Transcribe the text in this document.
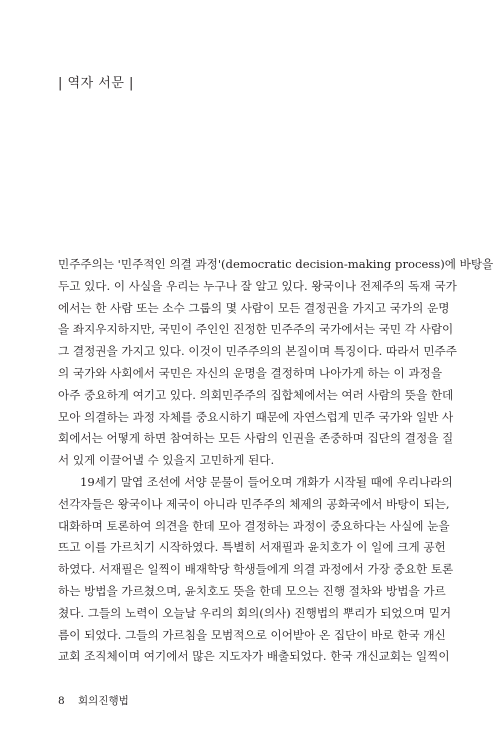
| 역자 서문 |
민주주의는 '민주적인 의결 과정'(democratic decision-making process)에 바탕을
두고 있다. 이 사실을 우리는 누구나 잘 알고 있다. 왕국이나 전제주의 독재 국가
에서는 한 사람 또는 소수 그룹의 몇 사람이 모든 결정권을 가지고 국가의 운명
을 좌지우지하지만, 국민이 주인인 진정한 민주주의 국가에서는 국민 각 사람이
그 결정권을 가지고 있다. 이것이 민주주의의 본질이며 특징이다. 따라서 민주주
의 국가와 사회에서 국민은 자신의 운명을 결정하며 나아가게 하는 이 과정을
아주 중요하게 여기고 있다. 의회민주주의 집합체에서는 여러 사람의 뜻을 한데
모아 의결하는 과정 자체를 중요시하기 때문에 자연스럽게 민주 국가와 일반 사
회에서는 어떻게 하면 참여하는 모든 사람의 인권을 존중하며 집단의 결정을 질
서 있게 이끌어낼 수 있을지 고민하게 된다.
19세기 말엽 조선에 서양 문물이 들어오며 개화가 시작될 때에 우리나라의
선각자들은 왕국이나 제국이 아니라 민주주의 체제의 공화국에서 바탕이 되는,
대화하며 토론하여 의견을 한데 모아 결정하는 과정이 중요하다는 사실에 눈을
뜨고 이를 가르치기 시작하였다. 특별히 서재필과 윤치호가 이 일에 크게 공헌
하였다. 서재필은 일찍이 배재학당 학생들에게 의결 과정에서 가장 중요한 토론
하는 방법을 가르쳤으며, 윤치호도 뜻을 한데 모으는 진행 절차와 방법을 가르
쳤다. 그들의 노력이 오늘날 우리의 회의(의사) 진행법의 뿌리가 되었으며 밑거
름이 되었다. 그들의 가르침을 모범적으로 이어받아 온 집단이 바로 한국 개신
교회 조직체이며 여기에서 많은 지도자가 배출되었다. 한국 개신교회는 일찍이
8 회의진행법
